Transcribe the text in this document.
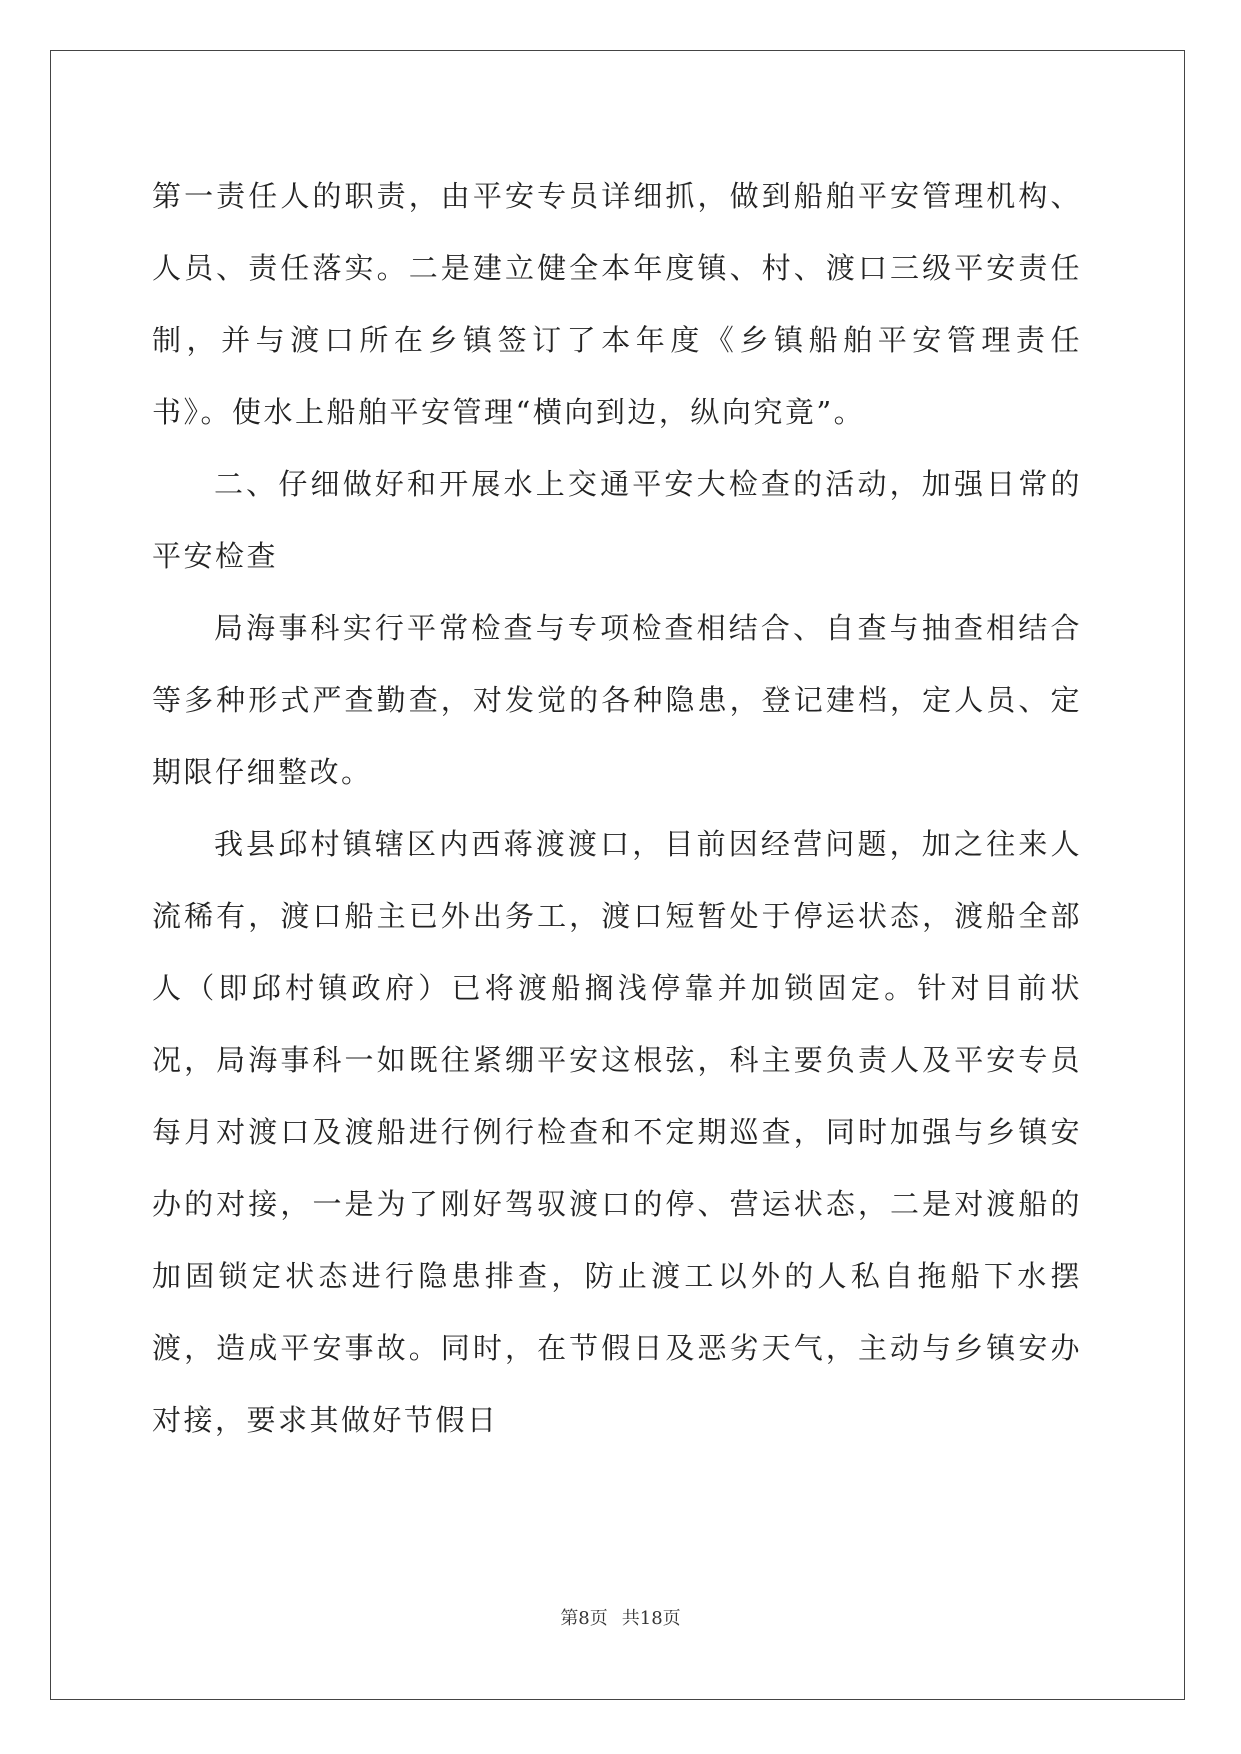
第一责任人的职责，由平安专员详细抓，做到船舶平安管理机构、人员、责任落实。二是建立健全本年度镇、村、渡口三级平安责任制，并与渡口所在乡镇签订了本年度《乡镇船舶平安管理责任书》。使水上船舶平安管理“横向到边，纵向究竟”。

二、仔细做好和开展水上交通平安大检查的活动，加强日常的平安检查

局海事科实行平常检查与专项检查相结合、自查与抽查相结合等多种形式严查勤查，对发觉的各种隐患，登记建档，定人员、定期限仔细整改。

我县邱村镇辖区内西蒋渡渡口，目前因经营问题，加之往来人流稀有，渡口船主已外出务工，渡口短暂处于停运状态，渡船全部人（即邱村镇政府）已将渡船搁浅停靠并加锁固定。针对目前状况，局海事科一如既往紧绷平安这根弦，科主要负责人及平安专员每月对渡口及渡船进行例行检查和不定期巡查，同时加强与乡镇安办的对接，一是为了刚好驾驭渡口的停、营运状态，二是对渡船的加固锁定状态进行隐患排查，防止渡工以外的人私自拖船下水摆渡，造成平安事故。同时，在节假日及恶劣天气，主动与乡镇安办对接，要求其做好节假日

第8页 共18页
